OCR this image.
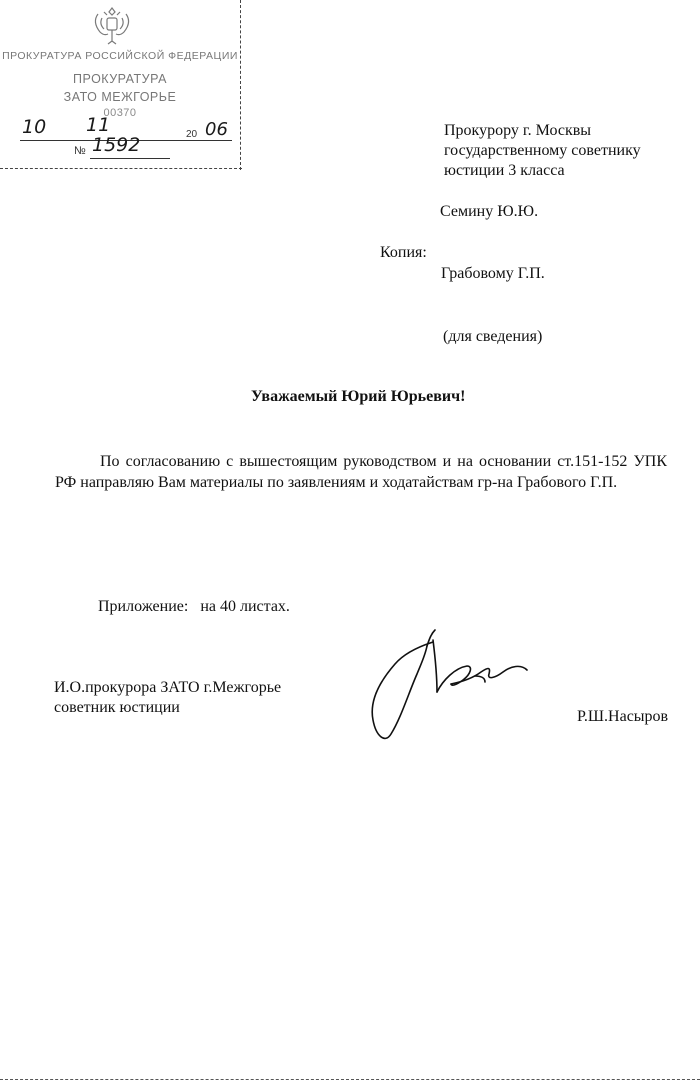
ПРОКУРАТУРА РОССИЙСКОЙ ФЕДЕРАЦИИ
ПРОКУРАТУРА
ЗАТО МЕЖГОРЬЕ
00370
10 11	20 06
№ 1592
Прокурору г. Москвы
государственному советнику
юстиции 3 класса
Семину Ю.Ю.
Копия:
Грабовому Г.П.
(для сведения)
Уважаемый Юрий Юрьевич!
По согласованию с вышестоящим руководством и на основании ст.151-152 УПК РФ направляю Вам материалы по заявлениям и ходатайствам гр-на Грабового Г.П.
Приложение:   на 40 листах.
И.О.прокурора ЗАТО г.Межгорье
советник юстиции
Р.Ш.Насыров
